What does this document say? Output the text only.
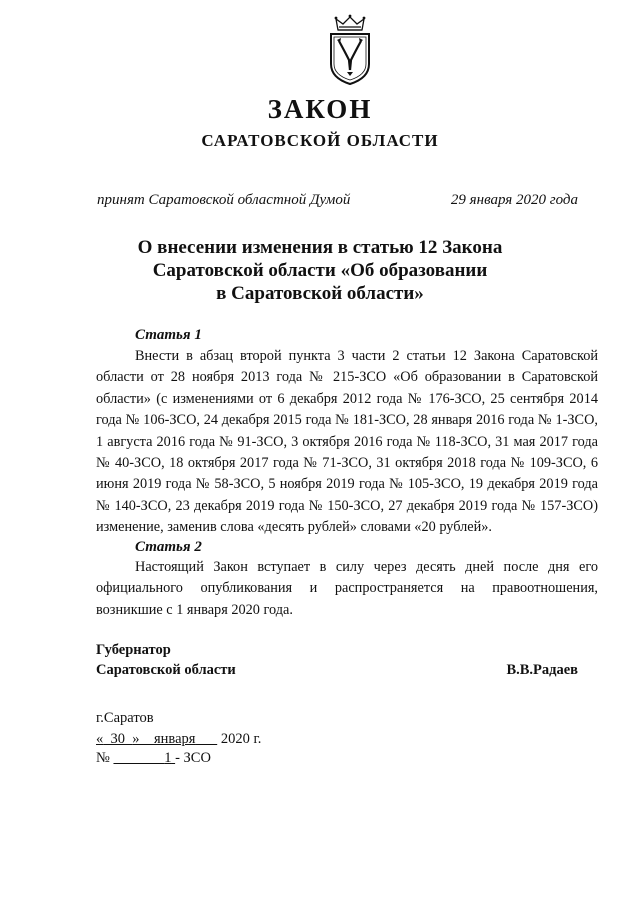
ЗАКОН
САРАТОВСКОЙ ОБЛАСТИ
принят Саратовской областной Думой	29 января 2020 года
О внесении изменения в статью 12 Закона
Саратовской области «Об образовании
в Саратовской области»
Статья 1

Внести в абзац второй пункта 3 части 2 статьи 12 Закона Саратовской области от 28 ноября 2013 года № 215-ЗСО «Об образовании в Саратовской области» (с изменениями от 6 декабря 2012 года № 176-ЗСО, 25 сентября 2014 года № 106-ЗСО, 24 декабря 2015 года № 181-ЗСО, 28 января 2016 года № 1-ЗСО, 1 августа 2016 года № 91-ЗСО, 3 октября 2016 года № 118-ЗСО, 31 мая 2017 года № 40-ЗСО, 18 октября 2017 года № 71-ЗСО, 31 октября 2018 года № 109-ЗСО, 6 июня 2019 года № 58-ЗСО, 5 ноября 2019 года № 105-ЗСО, 19 декабря 2019 года № 140-ЗСО, 23 декабря 2019 года № 150-ЗСО, 27 декабря 2019 года № 157-ЗСО) изменение, заменив слова «десять рублей» словами «20 рублей».

Статья 2

Настоящий Закон вступает в силу через десять дней после дня его официального опубликования и распространяется на правоотношения, возникшие с 1 января 2020 года.

Губернатор
Саратовской области	В.В.Радаев
г.Саратов
« 30 » января 2020 г.
№	1 - ЗСО
